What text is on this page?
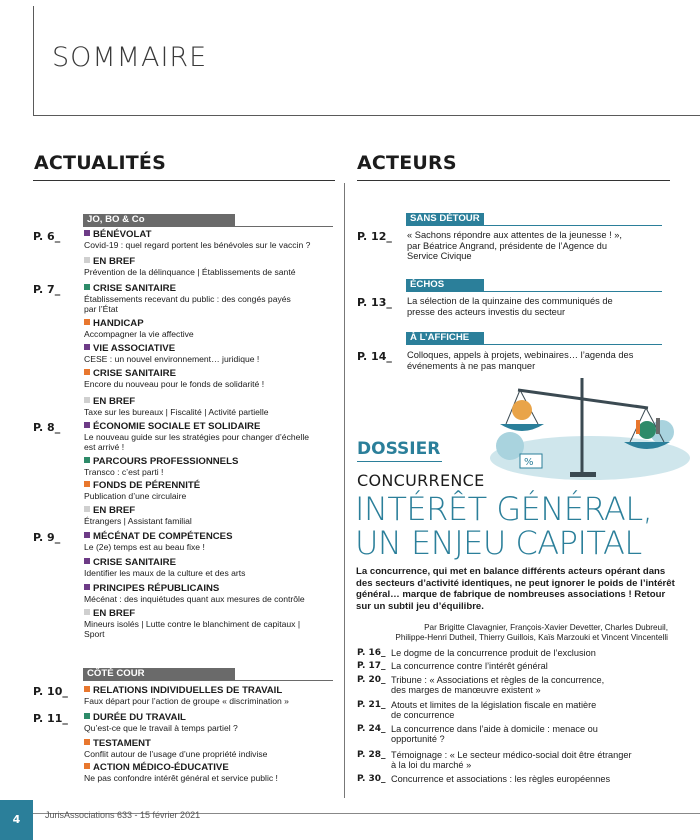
SOMMAIRE
ACTUALITÉS	ACTEURS
JO, BO & Co
P. 6_
P. 7_
P. 8_
P. 9_
BÉNÉVOLAT
Covid-19 : quel regard portent les bénévoles sur le vaccin ?
EN BREF
Prévention de la délinquance | Établissements de santé
CRISE SANITAIRE
Établissements recevant du public : des congés payés
par l’État
HANDICAP
Accompagner la vie affective
VIE ASSOCIATIVE
CESE : un nouvel environnement… juridique !
CRISE SANITAIRE
Encore du nouveau pour le fonds de solidarité !
EN BREF
Taxe sur les bureaux | Fiscalité | Activité partielle
ÉCONOMIE SOCIALE ET SOLIDAIRE
Le nouveau guide sur les stratégies pour changer d’échelle
est arrivé !
PARCOURS PROFESSIONNELS
Transco : c’est parti !
FONDS DE PÉRENNITÉ
Publication d’une circulaire
EN BREF
Étrangers | Assistant familial
MÉCÉNAT DE COMPÉTENCES
Le (2e) temps est au beau fixe !
CRISE SANITAIRE
Identifier les maux de la culture et des arts
PRINCIPES RÉPUBLICAINS
Mécénat : des inquiétudes quant aux mesures de contrôle
EN BREF
Mineurs isolés | Lutte contre le blanchiment de capitaux |
Sport
RELATIONS INDIVIDUELLES DE TRAVAIL
Faux départ pour l’action de groupe « discrimination »
DURÉE DU TRAVAIL
Qu’est-ce que le travail à temps partiel ?
TESTAMENT
Conflit autour de l’usage d’une propriété indivise
ACTION MÉDICO-ÉDUCATIVE
Ne pas confondre intérêt général et service public !
CÔTÉ COUR
P. 10_
P. 11_
SANS DÉTOUR
P. 12_ « Sachons répondre aux attentes de la jeunesse ! »,
par Béatrice Angrand, présidente de l’Agence du
Service Civique
ÉCHOS
P. 13_ La sélection de la quinzaine des communiqués de
presse des acteurs investis du secteur
À L’AFFICHE
P. 14_ Colloques, appels à projets, webinaires… l’agenda des
événements à ne pas manquer
%
DOSSIER
CONCURRENCE
INTÉRÊT GÉNÉRAL,
UN ENJEU CAPITAL
La concurrence, qui met en balance différents acteurs opérant dans des secteurs d’activité identiques, ne peut ignorer le poids de l’intérêt général… marque de fabrique de nombreuses associations ! Retour sur un subtil jeu d’équilibre.
Par Brigitte Clavagnier, François-Xavier Devetter, Charles Dubreuil,
Philippe-Henri Dutheil, Thierry Guillois, Kaïs Marzouki et Vincent Vincentelli
P. 16_ Le dogme de la concurrence produit de l’exclusion
P. 17_ La concurrence contre l’intérêt général
P. 20_ Tribune : « Associations et règles de la concurrence,
des marges de manœuvre existent »
P. 21_ Atouts et limites de la législation fiscale en matière
de concurrence
P. 24_ La concurrence dans l’aide à domicile : menace ou
opportunité ?
P. 28_ Témoignage : « Le secteur médico-social doit être étranger
à la loi du marché »
P. 30_ Concurrence et associations : les règles européennes
4	JurisAssociations 633 - 15 février 2021
